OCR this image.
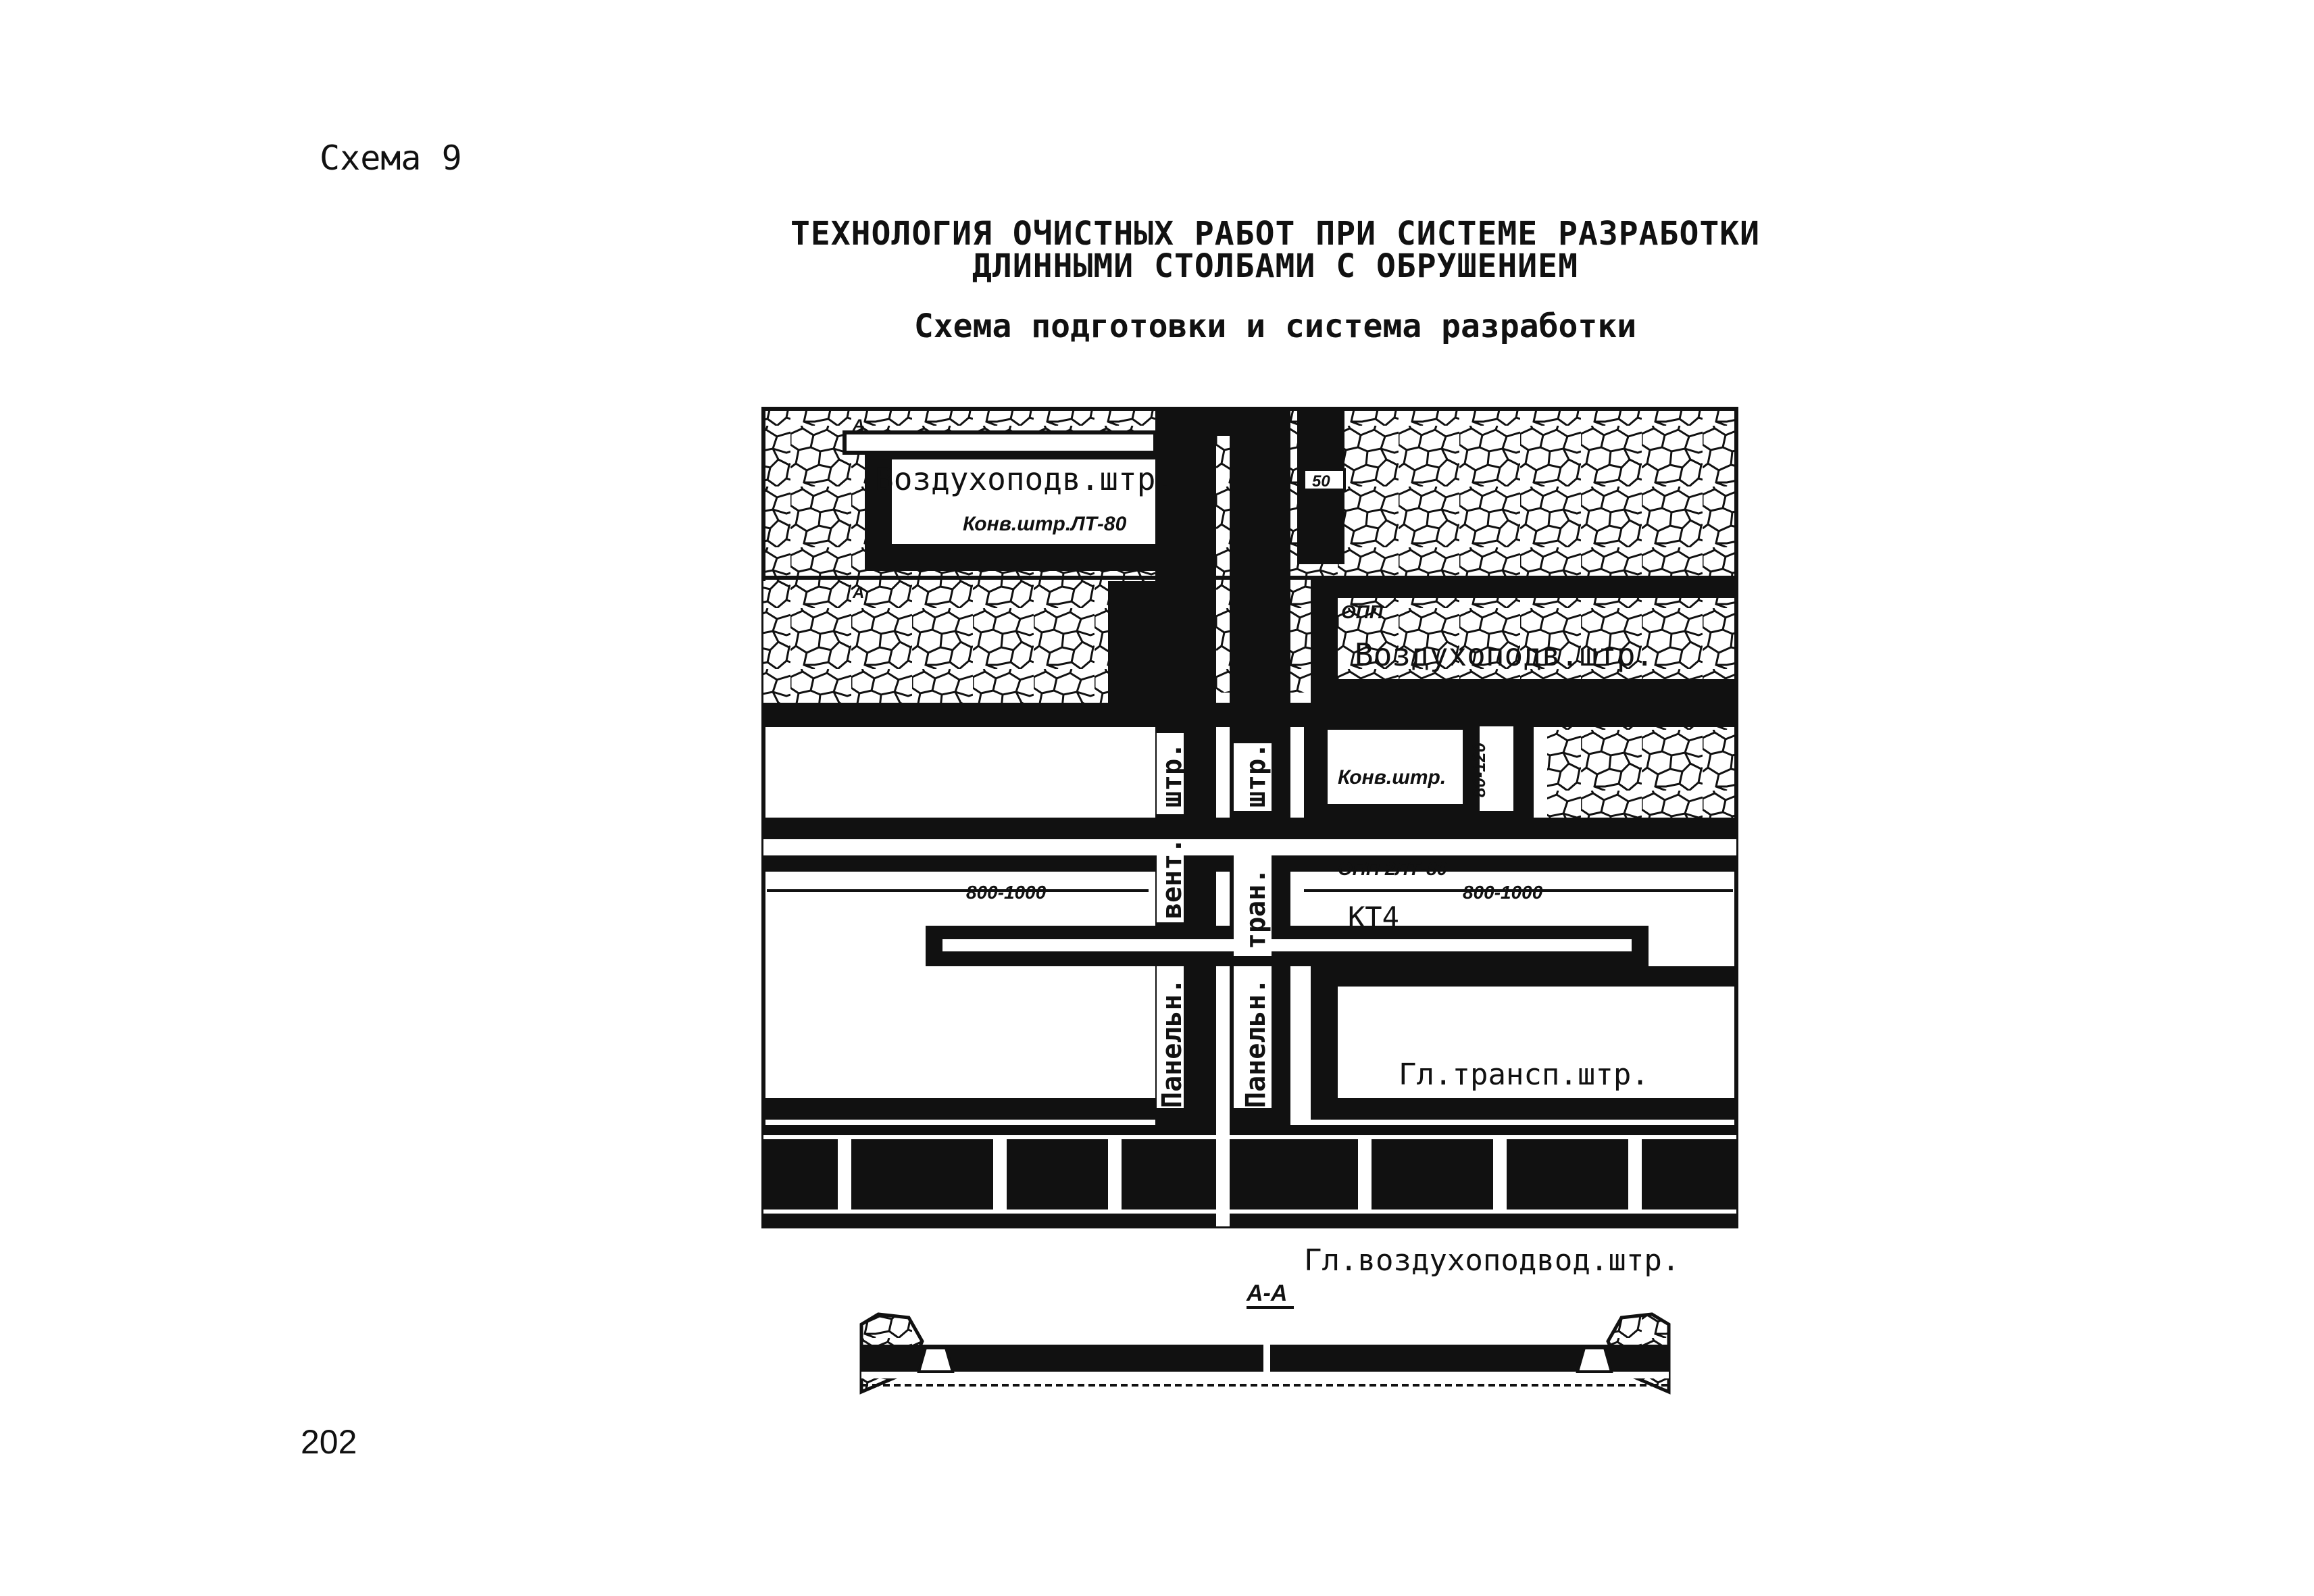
Схема 9
ТЕХНОЛОГИЯ ОЧИСТНЫХ РАБОТ ПРИ СИСТЕМЕ РАЗРАБОТКИ
ДЛИННЫМИ СТОЛБАМИ С ОБРУШЕНИЕМ
Схема подготовки и система разработки
Воздухоподв.штр.
Конв.штр. ЛТ-80
50
ОПП
Воздухоподв.штр.
Конв.штр. 80-120
ОПП 2ЛТ-80
800-1000	800-1000
КТ4
штр.
вент.
Панельн.
штр.
тран.
Панельн.	Гл.трансп.штр.
Гл.воздухоподвод.штр.
А
А
А-А
202
